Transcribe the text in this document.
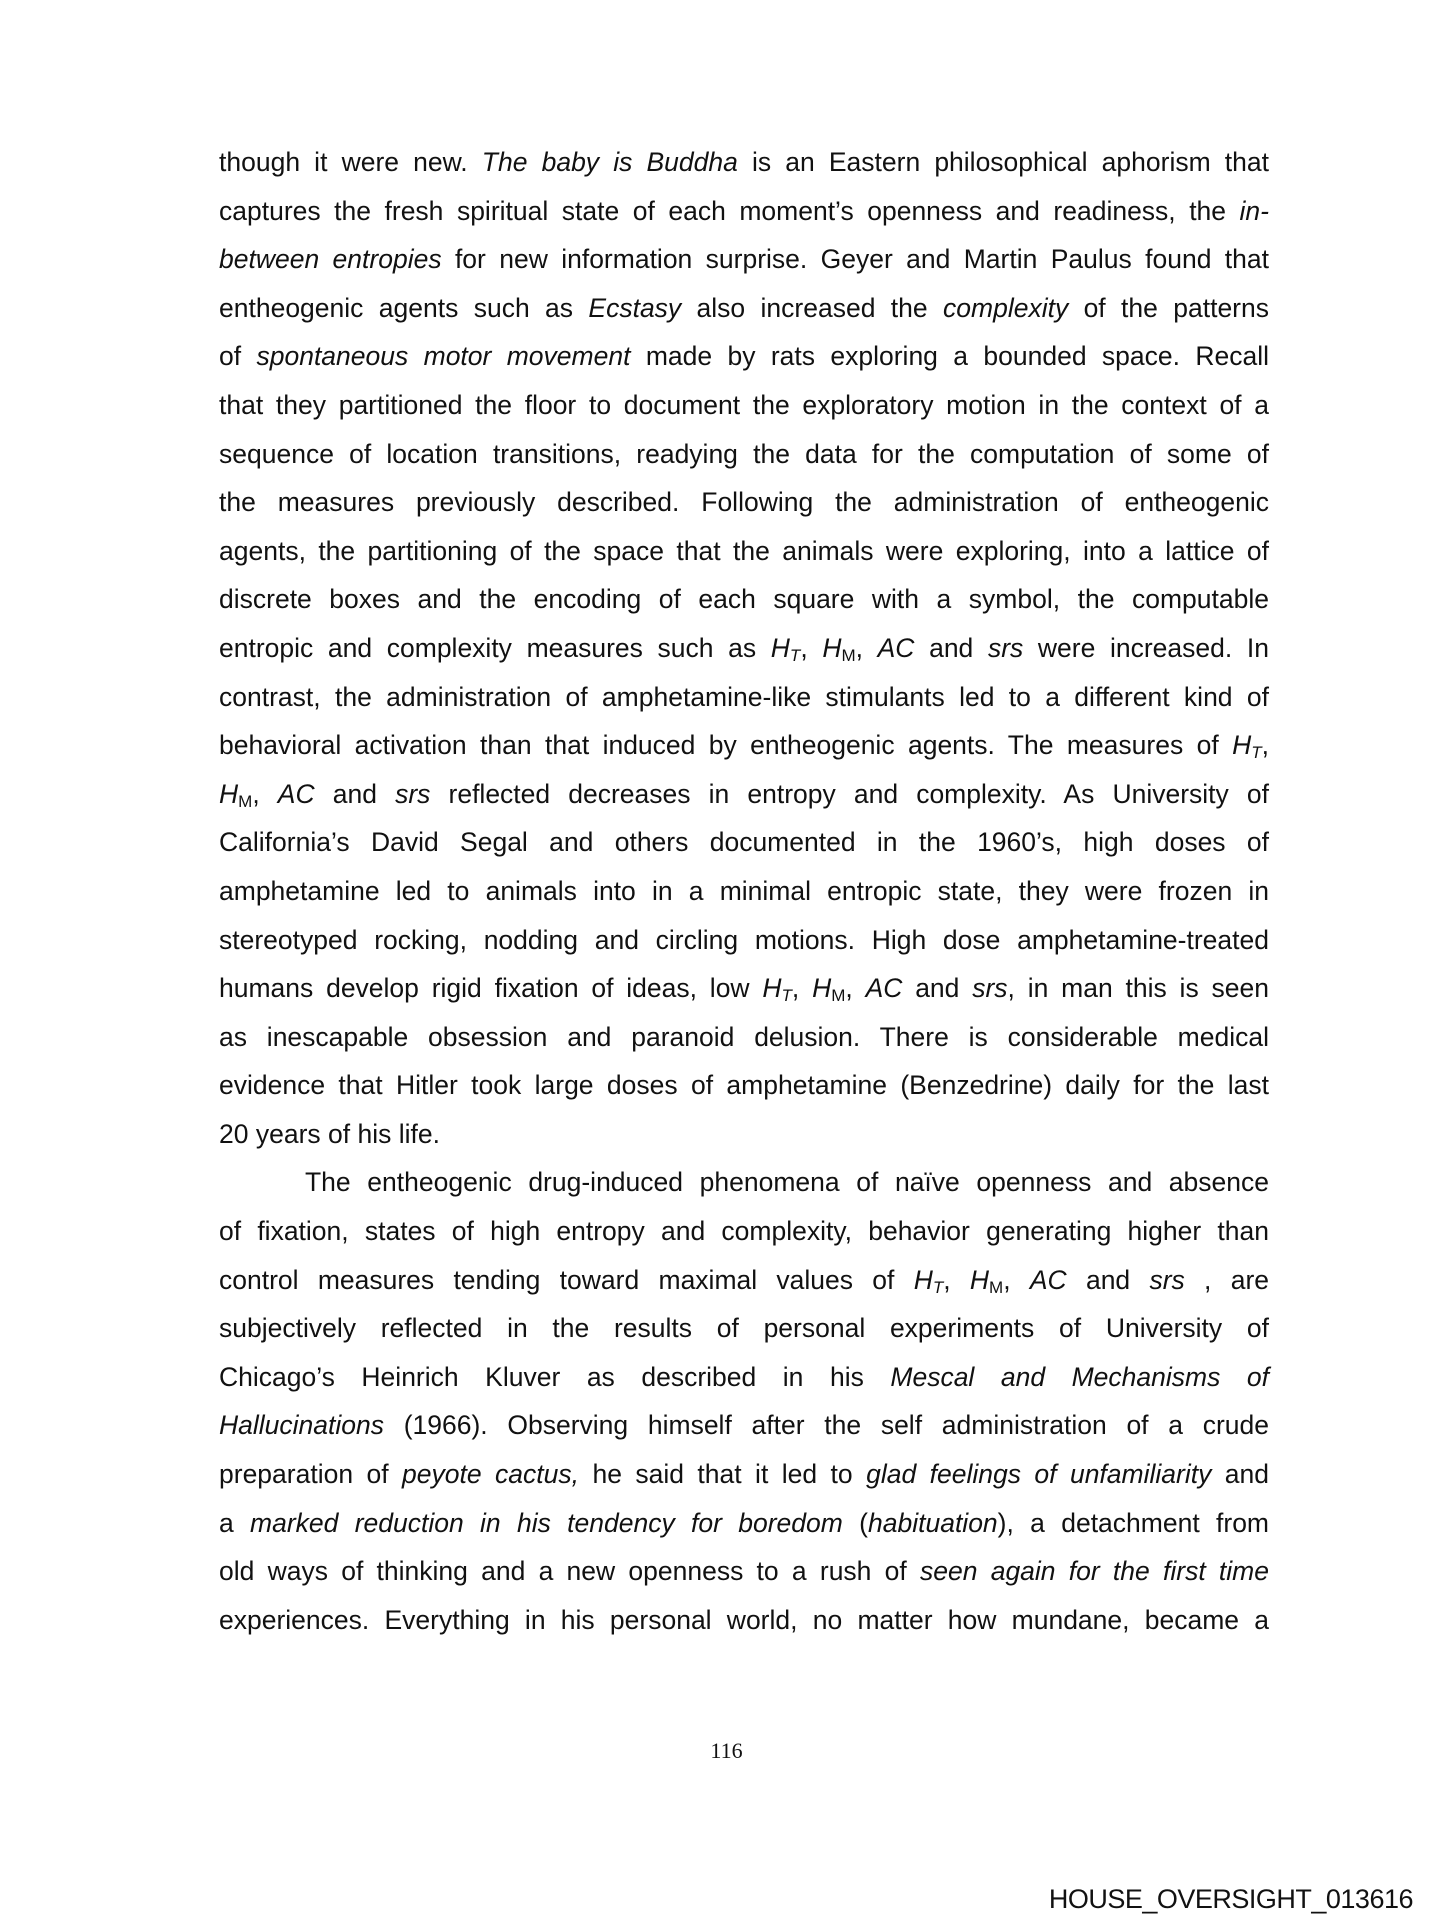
though it were new. The baby is Buddha is an Eastern philosophical aphorism that
captures the fresh spiritual state of each moment’s openness and readiness, the in-
between entropies for new information surprise. Geyer and Martin Paulus found that
entheogenic agents such as Ecstasy also increased the complexity of the patterns
of spontaneous motor movement made by rats exploring a bounded space. Recall
that they partitioned the floor to document the exploratory motion in the context of a
sequence of location transitions, readying the data for the computation of some of
the measures previously described. Following the administration of entheogenic
agents, the partitioning of the space that the animals were exploring, into a lattice of
discrete boxes and the encoding of each square with a symbol, the computable
entropic and complexity measures such as $H_T$, $H_M$, AC and srs were increased. In
contrast, the administration of amphetamine-like stimulants led to a different kind of
behavioral activation than that induced by entheogenic agents. The measures of $H_T$,
$H_M$, AC and srs reflected decreases in entropy and complexity. As University of
California’s David Segal and others documented in the 1960’s, high doses of
amphetamine led to animals into in a minimal entropic state, they were frozen in
stereotyped rocking, nodding and circling motions. High dose amphetamine-treated
humans develop rigid fixation of ideas, low $H_T$, $H_M$, AC and srs, in man this is seen
as inescapable obsession and paranoid delusion. There is considerable medical
evidence that Hitler took large doses of amphetamine (Benzedrine) daily for the last
20 years of his life.
The entheogenic drug-induced phenomena of naïve openness and absence
of fixation, states of high entropy and complexity, behavior generating higher than
control measures tending toward maximal values of $H_T$, $H_M$, AC and srs , are
subjectively reflected in the results of personal experiments of University of
Chicago’s Heinrich Kluver as described in his Mescal and Mechanisms of
Hallucinations (1966). Observing himself after the self administration of a crude
preparation of peyote cactus, he said that it led to glad feelings of unfamiliarity and
a marked reduction in his tendency for boredom (habituation), a detachment from
old ways of thinking and a new openness to a rush of seen again for the first time
experiences. Everything in his personal world, no matter how mundane, became a
116
HOUSE_OVERSIGHT_013616
